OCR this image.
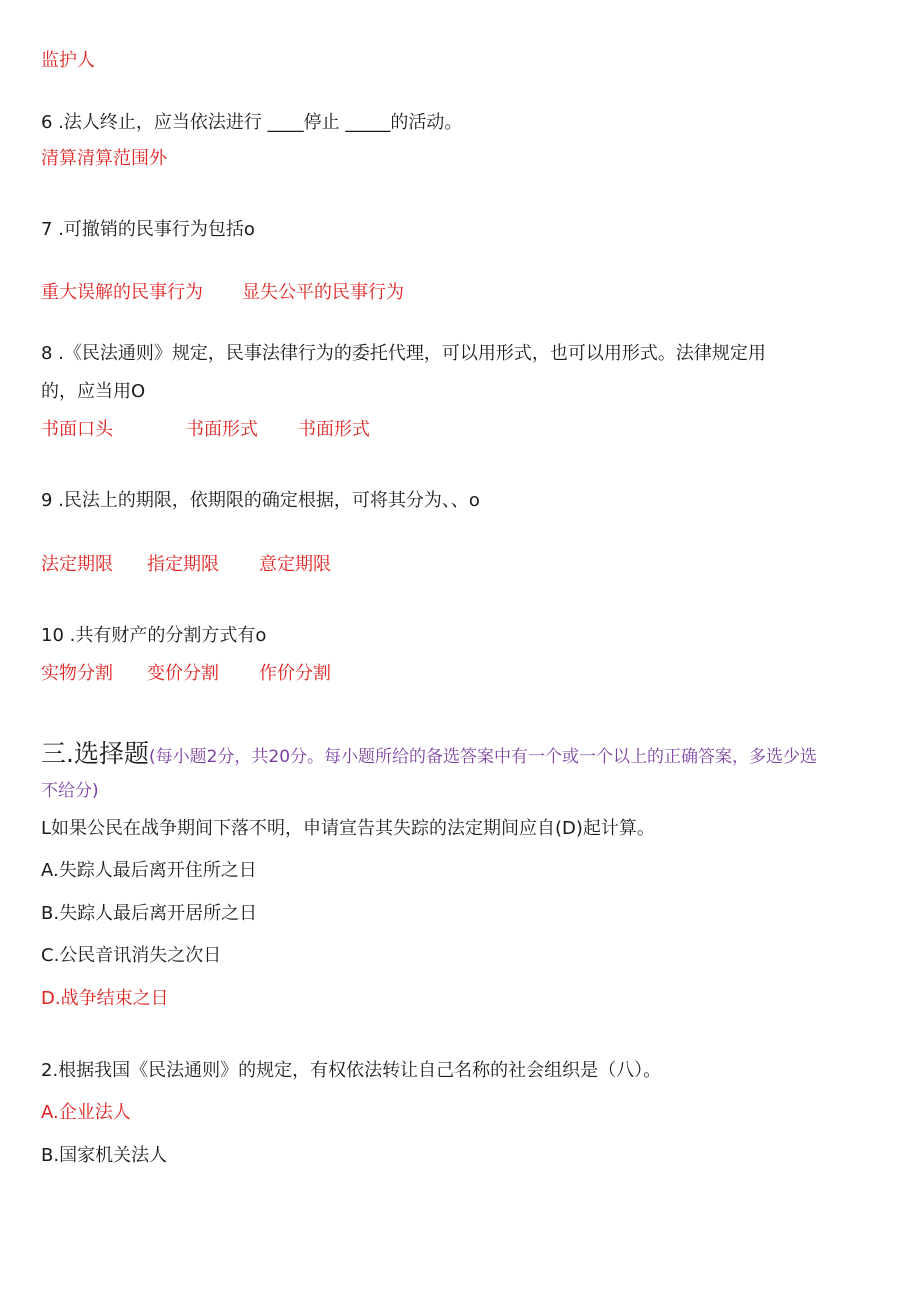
监护人
6 .法人终止，应当依法进行 ____停止 _____的活动。
清算清算范围外
7 .可撤销的民事行为包括o
重大误解的民事行为 显失公平的民事行为
8 .《民法通则》规定，民事法律行为的委托代理，可以用形式，也可以用形式。法律规定用
的，应当用O
书面口头	书面形式 书面形式
9 .民法上的期限，依期限的确定根据，可将其分为、、o
法定期限 指定期限 意定期限
10 .共有财产的分割方式有o
实物分割 变价分割 作价分割
三.选择题(每小题2分，共20分。每小题所给的备选答案中有一个或一个以上的正确答案，多选少选
不给分)
L如果公民在战争期间下落不明，申请宣告其失踪的法定期间应自(D)起计算。
A.失踪人最后离开住所之日
B.失踪人最后离开居所之日
C.公民音讯消失之次日
D.战争结束之日
2.根据我国《民法通则》的规定，有权依法转让自己名称的社会组织是（八）。
A.企业法人
B.国家机关法人
